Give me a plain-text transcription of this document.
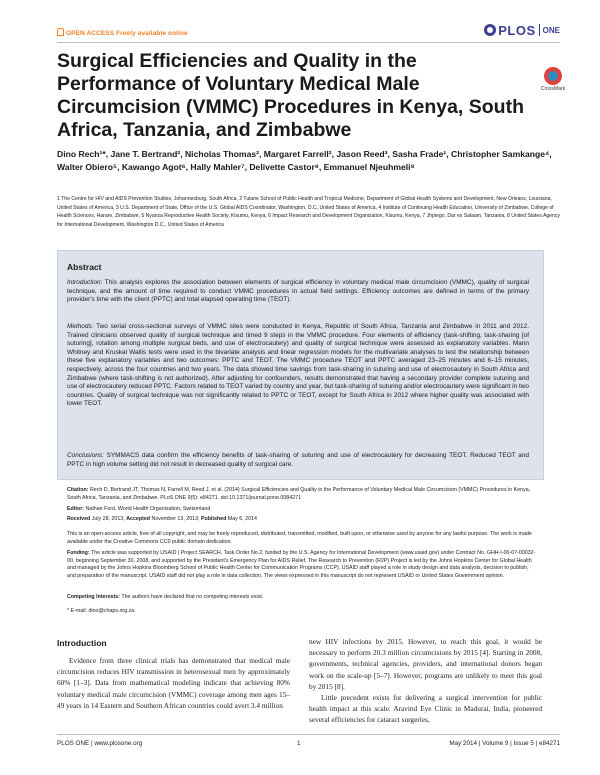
OPEN ACCESS Freely available online	PLOS ONE
Surgical Efficiencies and Quality in the Performance of Voluntary Medical Male Circumcision (VMMC) Procedures in Kenya, South Africa, Tanzania, and Zimbabwe
CrossMark
Dino Rech¹*, Jane T. Bertrand², Nicholas Thomas², Margaret Farrell², Jason Reed³, Sasha Frade¹, Christopher Samkange⁴, Walter Obiero⁵, Kawango Agot⁶, Hally Mahler⁷, Delivette Castor⁸, Emmanuel Njeuhmeli⁸
1 The Centre for HIV and AIDS Prevention Studies, Johannesburg, South Africa, 2 Tulane School of Public Health and Tropical Medicine, Department of Global Health Systems and Development, New Orleans, Louisiana, United States of America, 3 U.S. Department of State, Office of the U.S. Global AIDS Coordinator, Washington, D.C, United States of America, 4 Institute of Continuing Health Education, University of Zimbabwe, College of Health Sciences, Harare, Zimbabwe, 5 Nyanza Reproductive Health Society, Kisumu, Kenya, 6 Impact Research and Development Organization, Kisumu, Kenya, 7 Jhpiego, Dar es Salaam, Tanzania, 8 United States Agency for International Development, Washington D.C., United States of America
Abstract

Introduction: This analysis explores the association between elements of surgical efficiency in voluntary medical male circumcision (VMMC), quality of surgical technique, and the amount of time required to conduct VMMC procedures in actual field settings. Efficiency outcomes are defined in terms of the primary provider's time with the client (PPTC) and total elapsed operating time (TEOT).

Methods: Two serial cross-sectional surveys of VMMC sites were conducted in Kenya, Republic of South Africa, Tanzania and Zimbabwe in 2011 and 2012. Trained clinicians observed quality of surgical technique and timed 9 steps in the VMMC procedure. Four elements of efficiency (task-shifting, task-sharing [of suturing], rotation among multiple surgical beds, and use of electrocautery) and quality of surgical technique were assessed as explanatory variables. Mann Whitney and Kruskal Wallis tests were used in the bivariate analysis and linear regression models for the multivariate analyses to test the relationship between these five explanatory variables and two outcomes: PPTC and TEOT. The VMMC procedure TEOT and PPTC averaged 23–25 minutes and 6–15 minutes, respectively, across the four countries and two years. The data showed time savings from task-sharing in suturing and use of electrocautery in South Africa and Zimbabwe (where task-shifting is not authorized). After adjusting for confounders, results demonstrated that having a secondary provider complete suturing and use of electrocautery reduced PPTC. Factors related to TEOT varied by country and year, but task-sharing of suturing and/or electrocautery were significant in two countries. Quality of surgical technique was not significantly related to PPTC or TEOT, except for South Africa in 2012 where higher quality was associated with lower TEOT.

Conclusions: SYMMACS data confirm the efficiency benefits of task-sharing of suturing and use of electrocautery for decreasing TEOT. Reduced TEOT and PPTC in high volume setting did not result in decreased quality of surgical care.

Citation: Rech D, Bertrand JT, Thomas N, Farrell M, Reed J, et al. (2014) Surgical Efficiencies and Quality in the Performance of Voluntary Medical Male Circumcision (VMMC) Procedures in Kenya, South Africa, Tanzania, and Zimbabwe. PLoS ONE 9(5): e84271. doi:10.1371/journal.pone.0084271

Editor: Nathan Ford, World Health Organization, Switzerland

Received July 28, 2013; Accepted November 13, 2013; Published May 6, 2014

This is an open-access article, free of all copyright, and may be freely reproduced, distributed, transmitted, modified, built upon, or otherwise used by anyone for any lawful purpose. The work is made available under the Creative Commons CC0 public domain dedication.

Funding: The article was supported by USAID | Project SEARCH, Task Order No.2, funded by the U.S. Agency for International Development (www.usaid.gov) under Contract No. GHH-I-00-07-00032-00, beginning September 30, 2008, and supported by the President's Emergency Plan for AIDS Relief. The Research to Prevention (R2P) Project is led by the Johns Hopkins Center for Global Health and managed by the Johns Hopkins Bloomberg School of Public Health Center for Communication Programs (CCP). USAID staff played a role in study design and data analysis, decision to publish, and preparation of the manuscript. USAID staff did not play a role in data collection. The views expressed in this manuscript do not represent USAID or United States Government opinion.

Competing Interests: The authors have declared that no competing interests exist.

* E-mail: dino@chaps.org.za

Introduction

Evidence from three clinical trials has demonstrated that medical male circumcision reduces HIV transmission in heterosexual men by approximately 60% [1–3]. Data from mathematical modeling indicate that achieving 80% voluntary medical male circumcision (VMMC) coverage among men ages 15–49 years in 14 Eastern and Southern African countries could avert 3.4 million

new HIV infections by 2015. However, to reach this goal, it would be necessary to perform 20.3 million circumcisions by 2015 [4]. Starting in 2008, governments, technical agencies, providers, and international donors began work on the scale-up [5–7]. However, programs are unlikely to meet this goal by 2015 [8].

Little precedent exists for delivering a surgical intervention for public health impact at this scale. Aravind Eye Clinic in Madurai, India, pioneered several efficiencies for cataract surgeries,

PLOS ONE | www.plosone.org	1	May 2014 | Volume 9 | Issue 5 | e84271
